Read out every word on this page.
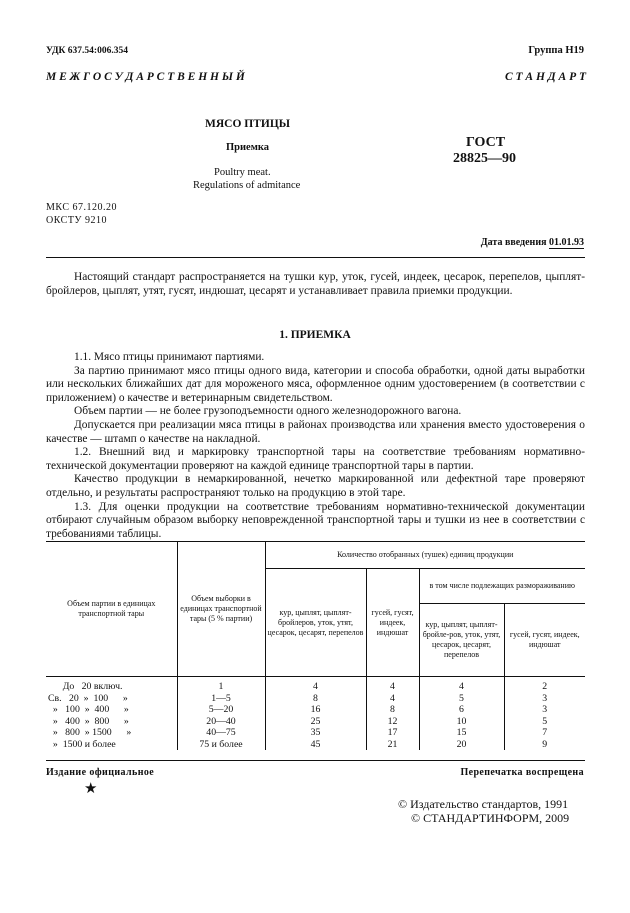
УДК 637.54:006.354	Группа Н19
М Е Ж Г О С У Д А Р С Т В Е Н Н Ы Й	С Т А Н Д А Р Т
МЯСО ПТИЦЫ
Приемка
Poultry meat.
Regulations of admitance
ГОСТ
28825—90
МКС 67.120.20
ОКСТУ 9210
Дата введения 01.01.93
Настоящий стандарт распространяется на тушки кур, уток, гусей, индеек, цесарок, перепелов, цыплят-бройлеров, цыплят, утят, гусят, индюшат, цесарят и устанавливает правила приемки продукции.
1. ПРИЕМКА
1.1. Мясо птицы принимают партиями.
За партию принимают мясо птицы одного вида, категории и способа обработки, одной даты выработки или нескольких ближайших дат для мороженого мяса, оформленное одним удостоверением (в соответствии с приложением) о качестве и ветеринарным свидетельством.
Объем партии — не более грузоподъемности одного железнодорожного вагона.
Допускается при реализации мяса птицы в районах производства или хранения вместо удостоверения о качестве — штамп о качестве на накладной.
1.2. Внешний вид и маркировку транспортной тары на соответствие требованиям нормативно-технической документации проверяют на каждой единице транспортной тары в партии.
Качество продукции в немаркированной, нечетко маркированной или дефектной таре проверяют отдельно, и результаты распространяют только на продукцию в этой таре.
1.3. Для оценки продукции на соответствие требованиям нормативно-технической документации отбирают случайным образом выборку неповрежденной транспортной тары и тушки из нее в соответствии с требованиями таблицы.
Объем партии в единицах транспортной тары	Объем выборки в единицах транспортной тары (5 % партии)	Количество отобранных (тушек) единиц продукции			
		кур, цыплят, цыплят-бройлеров, уток, утят, цесарок, цесарят, перепелов	гусей, гусят, индеек, индюшат	в том числе подлежащих размораживанию	
				кур, цыплят, цыплят-бройле-ров, уток, утят, цесарок, цесарят, перепелов	гусей, гусят, индеек, индюшат
До   20 включ.	1	4	4	4	2
Св.   20  »  100      »	1—5	8	4	5	3
»   100  »  400      »	5—20	16	8	6	3
»   400  »  800      »	20—40	25	12	10	5
»   800  » 1500      »	40—75	35	17	15	7
»  1500 и более	75 и более	45	21	20	9
Издание официальное	Перепечатка воспрещена
★
© Издательство стандартов, 1991
© СТАНДАРТИНФОРМ, 2009
